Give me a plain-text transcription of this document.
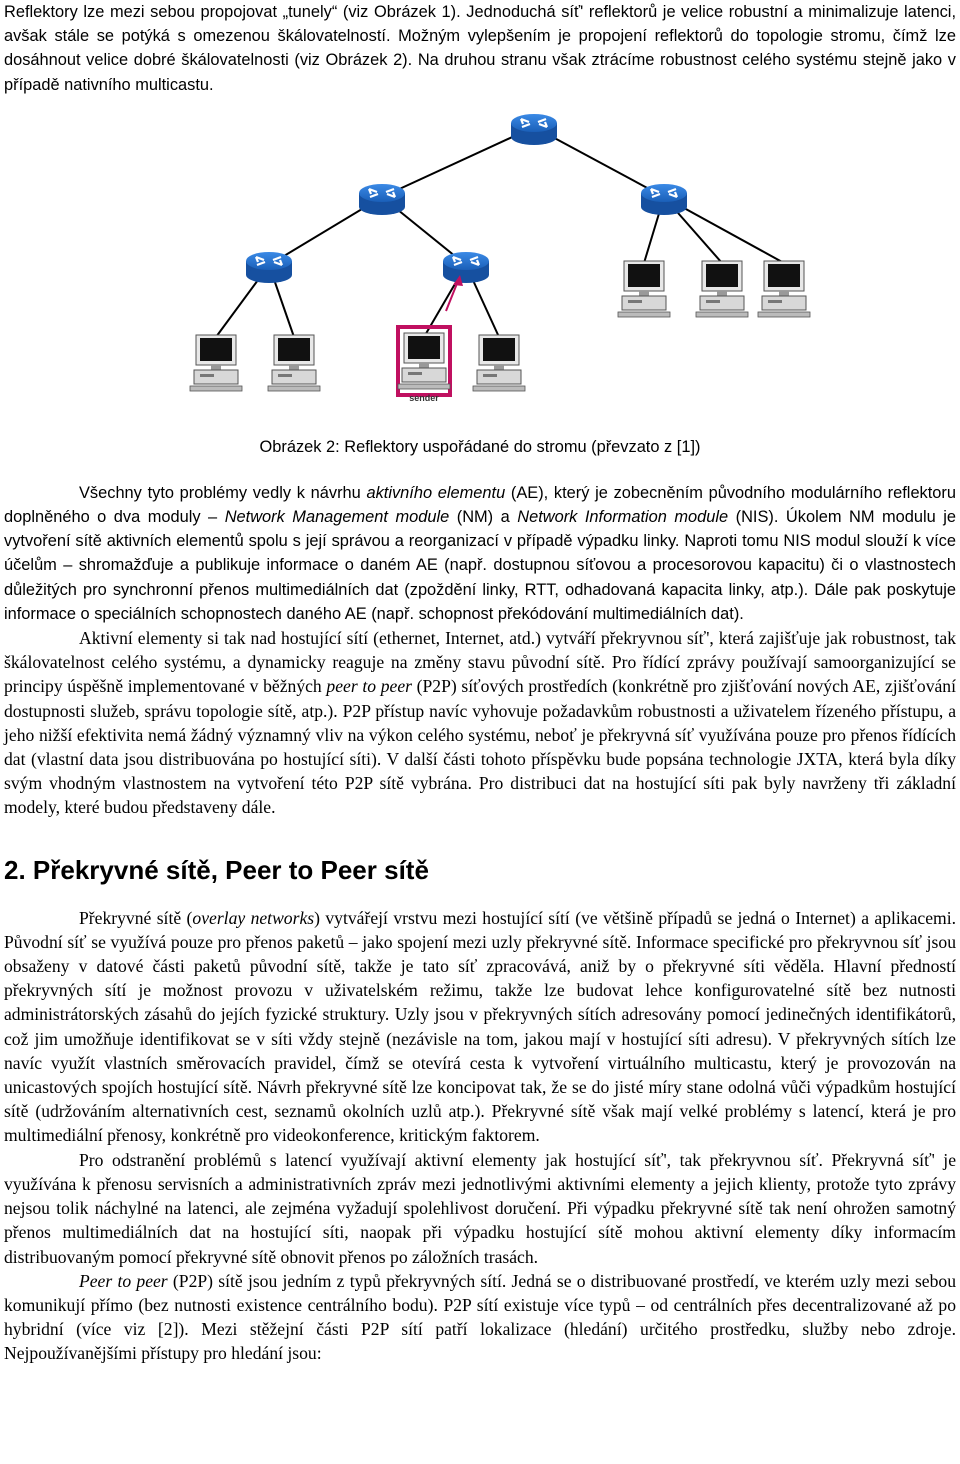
Reflektory lze mezi sebou propojovat „tunely“ (viz Obrázek 1). Jednoduchá síť' reflektorů je velice robustní a minimalizuje latenci, avšak stále se potýká s omezenou škálovatelností. Možným vylepšením je propojení reflektorů do topologie stromu, čímž lze dosáhnout velice dobré škálovatelnosti (viz Obrázek 2). Na druhou stranu však ztrácíme robustnost celého systému stejně jako v případě nativního multicastu.

sender

Obrázek 2: Reflektory uspořádané do stromu (převzato z [1])

Všechny tyto problémy vedly k návrhu aktivního elementu (AE), který je zobecněním původního modulárního reflektoru doplněného o dva moduly – Network Management module (NM) a Network Information module (NIS). Úkolem NM modulu je vytvoření sítě aktivních elementů spolu s její správou a reorganizací v případě výpadku linky. Naproti tomu NIS modul slouží k více účelům – shromažďuje a publikuje informace o daném AE (např. dostupnou síťovou a procesorovou kapacitu) či o vlastnostech důležitých pro synchronní přenos multimediálních dat (zpoždění linky, RTT, odhadovaná kapacita linky, atp.). Dále pak poskytuje informace o speciálních schopnostech daného AE (např. schopnost překódování multimediálních dat).

Aktivní elementy si tak nad hostující sítí (ethernet, Internet, atd.) vytváří překryvnou síť', která zajišťuje jak robustnost, tak škálovatelnost celého systému, a dynamicky reaguje na změny stavu původní sítě. Pro řídící zprávy používají samoorganizující se principy úspěšně implementované v běžných peer to peer (P2P) síťových prostředích (konkrétně pro zjišťování nových AE, zjišťování dostupnosti služeb, správu topologie sítě, atp.). P2P přístup navíc vyhovuje požadavkům robustnosti a uživatelem řízeného přístupu, a jeho nižší efektivita nemá žádný významný vliv na výkon celého systému, neboť je překryvná síť využívána pouze pro přenos řídících dat (vlastní data jsou distribuována po hostující síti). V další části tohoto příspěvku bude popsána technologie JXTA, která byla díky svým vhodným vlastnostem na vytvoření této P2P sítě vybrána. Pro distribuci dat na hostující síti pak byly navrženy tři základní modely, které budou představeny dále.

2. Překryvné sítě, Peer to Peer sítě

Překryvné sítě (overlay networks) vytvářejí vrstvu mezi hostující sítí (ve většině případů se jedná o Internet) a aplikacemi. Původní síť se využívá pouze pro přenos paketů – jako spojení mezi uzly překryvné sítě. Informace specifické pro překryvnou síť jsou obsaženy v datové části paketů původní sítě, takže je tato síť zpracovává, aniž by o překryvné síti věděla. Hlavní předností překryvných sítí je možnost provozu v uživatelském režimu, takže lze budovat lehce konfigurovatelné sítě bez nutnosti administrátorských zásahů do jejích fyzické struktury. Uzly jsou v překryvných sítích adresovány pomocí jedinečných identifikátorů, což jim umožňuje identifikovat se v síti vždy stejně (nezávisle na tom, jakou mají v hostující síti adresu). V překryvných sítích lze navíc využít vlastních směrovacích pravidel, čímž se otevírá cesta k vytvoření virtuálního multicastu, který je provozován na unicastových spojích hostující sítě. Návrh překryvné sítě lze koncipovat tak, že se do jisté míry stane odolná vůči výpadkům hostující sítě (udržováním alternativních cest, seznamů okolních uzlů atp.). Překryvné sítě však mají velké problémy s latencí, která je pro multimediální přenosy, konkrétně pro videokonference, kritickým faktorem.

Pro odstranění problémů s latencí využívají aktivní elementy jak hostující síť', tak překryvnou síť. Překryvná síť' je využívána k přenosu servisních a administrativních zpráv mezi jednotlivými aktivními elementy a jejich klienty, protože tyto zprávy nejsou tolik náchylné na latenci, ale zejména vyžadují spolehlivost doručení. Při výpadku překryvné sítě tak není ohrožen samotný přenos multimediálních dat na hostující síti, naopak při výpadku hostující sítě mohou aktivní elementy díky informacím distribuovaným pomocí překryvné sítě obnovit přenos po záložních trasách.

Peer to peer (P2P) sítě jsou jedním z typů překryvných sítí. Jedná se o distribuované prostředí, ve kterém uzly mezi sebou komunikují přímo (bez nutnosti existence centrálního bodu). P2P sítí existuje více typů – od centrálních přes decentralizované až po hybridní (více viz [2]). Mezi stěžejní části P2P sítí patří lokalizace (hledání) určitého prostředku, služby nebo zdroje. Nejpoužívanějšími přístupy pro hledání jsou:
